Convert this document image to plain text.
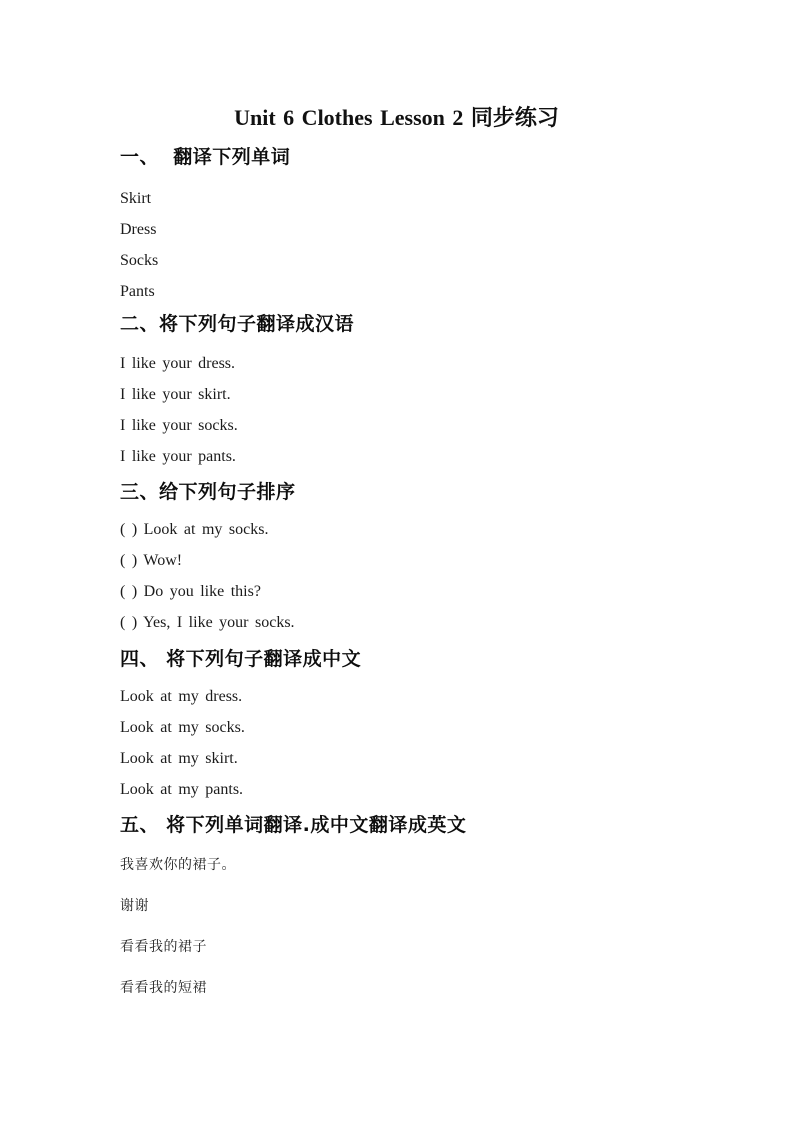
Unit 6 Clothes Lesson 2 同步练习
一、  翻译下列单词

Skirt

Dress

Socks

Pants

二、将下列句子翻译成汉语

I like your dress.

I like your skirt.

I like your socks.

I like your pants.

三、给下列句子排序

( ) Look at my socks.

( ) Wow!

( ) Do you like this?

( ) Yes, I like your socks.

四、 将下列句子翻译成中文

Look at my dress.

Look at my socks.

Look at my skirt.

Look at my pants.

五、 将下列单词翻译.成中文翻译成英文

我喜欢你的裙子。

谢谢

看看我的裙子

看看我的短裙
